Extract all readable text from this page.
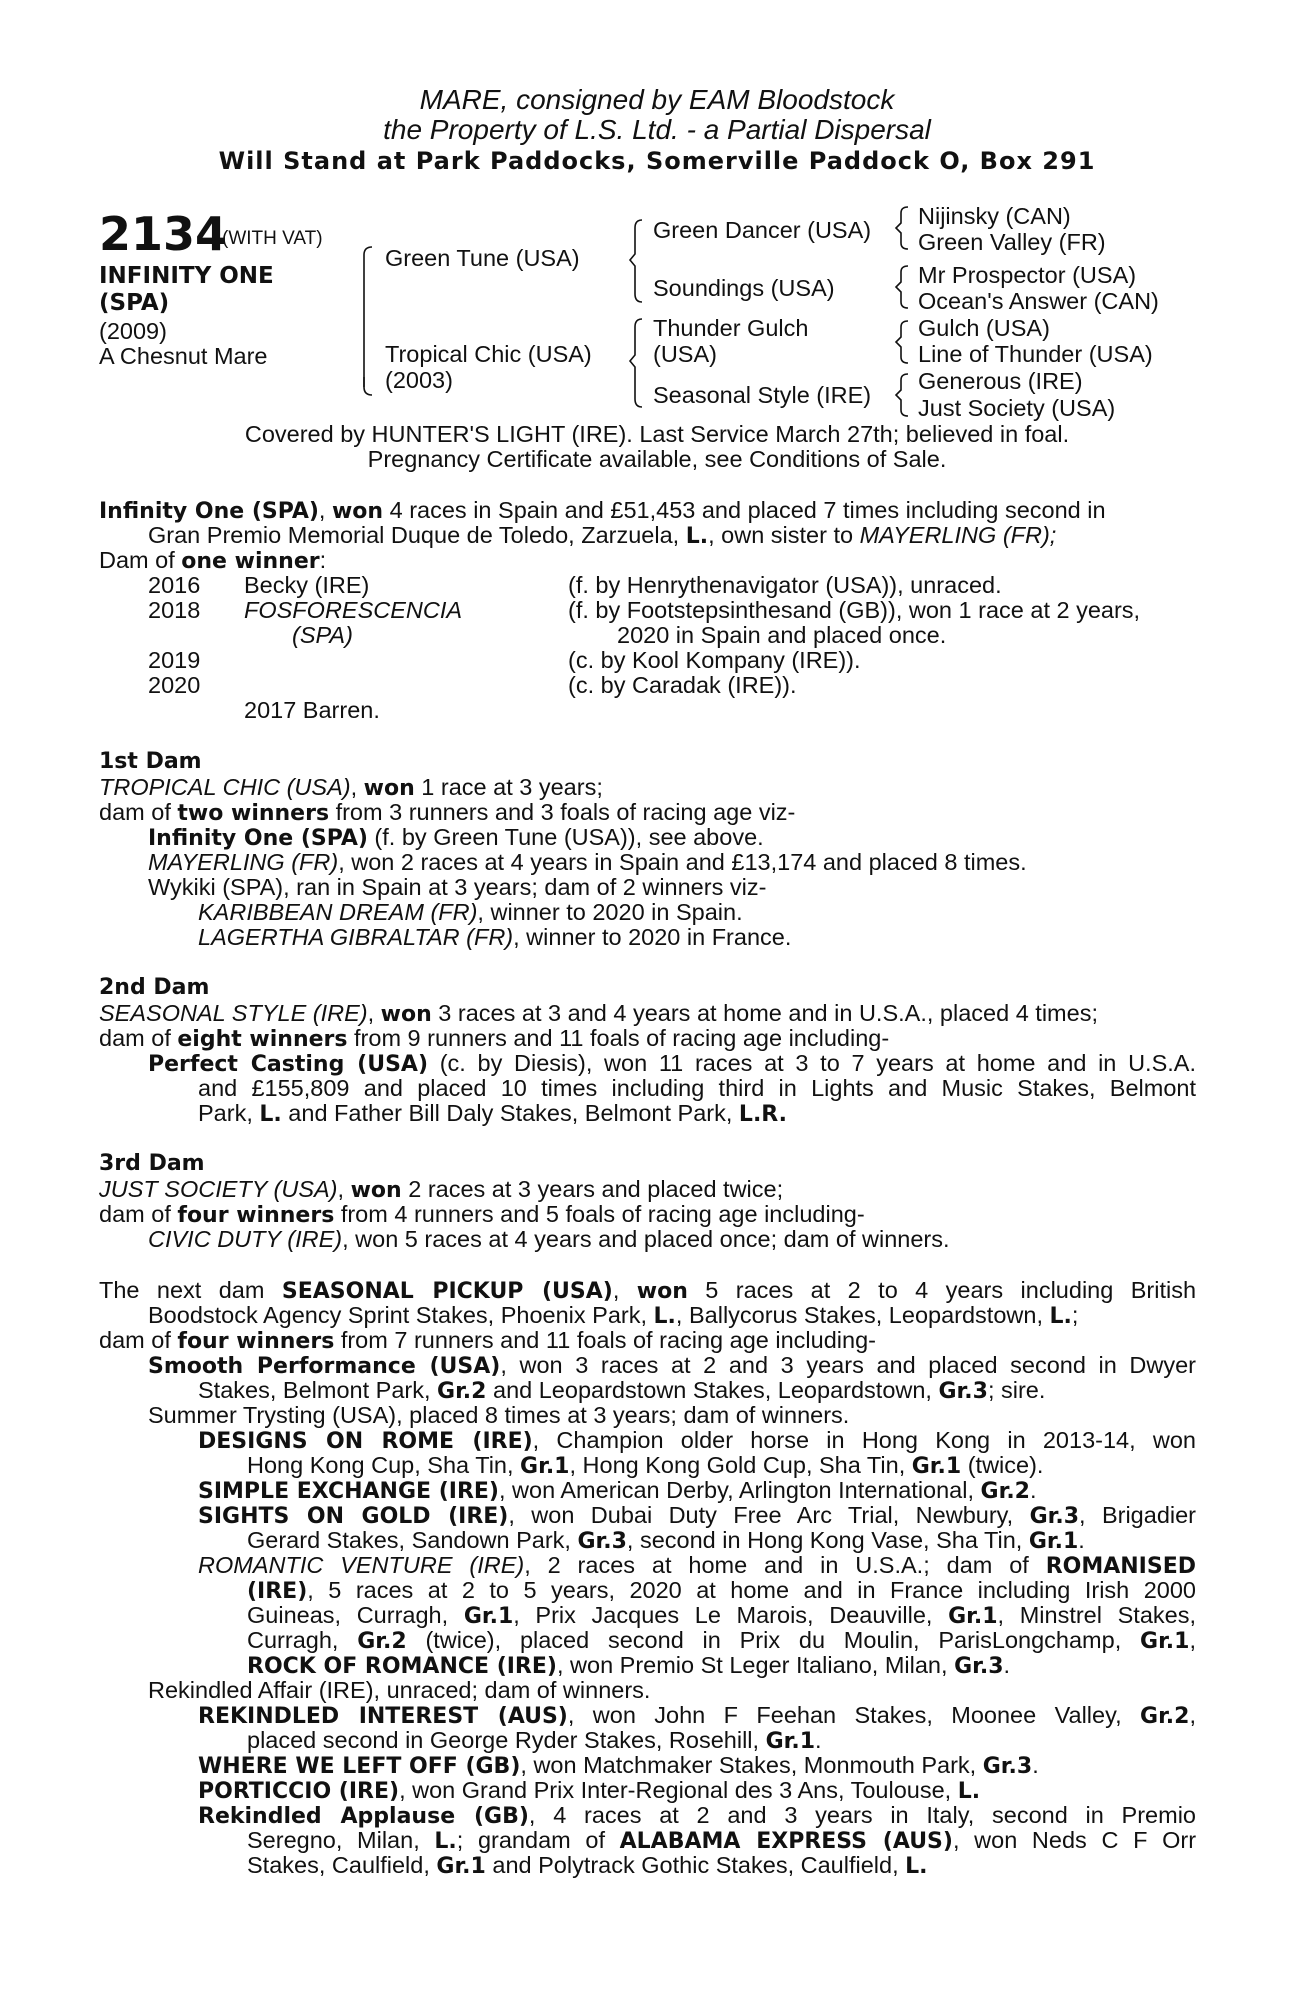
MARE, consigned by EAM Bloodstock
the Property of L.S. Ltd. - a Partial Dispersal
Will Stand at Park Paddocks, Somerville Paddock O, Box 291
2134
(WITH VAT)
INFINITY ONE
(SPA)
(2009)
A Chesnut Mare
Green Tune (USA)
Tropical Chic (USA)
(2003)
Green Dancer (USA)
Soundings (USA)
Thunder Gulch
(USA)
Seasonal Style (IRE)
Nijinsky (CAN)
Green Valley (FR)
Mr Prospector (USA)
Ocean's Answer (CAN)
Gulch (USA)
Line of Thunder (USA)
Generous (IRE)
Just Society (USA)
Covered by HUNTER'S LIGHT (IRE). Last Service March 27th; believed in foal.
Pregnancy Certificate available, see Conditions of Sale.
Infinity One (SPA), won 4 races in Spain and £51,453 and placed 7 times including second in
Gran Premio Memorial Duque de Toledo, Zarzuela, L., own sister to MAYERLING (FR);
Dam of one winner:
2016 Becky (IRE)	(f. by Henrythenavigator (USA)), unraced.
2018 FOSFORESCENCIA	(f. by Footstepsinthesand (GB)), won 1 race at 2 years,
(SPA)	2020 in Spain and placed once.
2019	(c. by Kool Kompany (IRE)).
2020	(c. by Caradak (IRE)).
2017 Barren.
1st Dam
TROPICAL CHIC (USA), won 1 race at 3 years;
dam of two winners from 3 runners and 3 foals of racing age viz-
Infinity One (SPA) (f. by Green Tune (USA)), see above.
MAYERLING (FR), won 2 races at 4 years in Spain and £13,174 and placed 8 times.
Wykiki (SPA), ran in Spain at 3 years; dam of 2 winners viz-
KARIBBEAN DREAM (FR), winner to 2020 in Spain.
LAGERTHA GIBRALTAR (FR), winner to 2020 in France.
2nd Dam
SEASONAL STYLE (IRE), won 3 races at 3 and 4 years at home and in U.S.A., placed 4 times;
dam of eight winners from 9 runners and 11 foals of racing age including-
Perfect Casting (USA) (c. by Diesis), won 11 races at 3 to 7 years at home and in U.S.A.
and £155,809 and placed 10 times including third in Lights and Music Stakes, Belmont
Park, L. and Father Bill Daly Stakes, Belmont Park, L.R.
3rd Dam
JUST SOCIETY (USA), won 2 races at 3 years and placed twice;
dam of four winners from 4 runners and 5 foals of racing age including-
CIVIC DUTY (IRE), won 5 races at 4 years and placed once; dam of winners.
The next dam SEASONAL PICKUP (USA), won 5 races at 2 to 4 years including British
Boodstock Agency Sprint Stakes, Phoenix Park, L., Ballycorus Stakes, Leopardstown, L.;
dam of four winners from 7 runners and 11 foals of racing age including-
Smooth Performance (USA), won 3 races at 2 and 3 years and placed second in Dwyer
Stakes, Belmont Park, Gr.2 and Leopardstown Stakes, Leopardstown, Gr.3; sire.
Summer Trysting (USA), placed 8 times at 3 years; dam of winners.
DESIGNS ON ROME (IRE), Champion older horse in Hong Kong in 2013-14, won
Hong Kong Cup, Sha Tin, Gr.1, Hong Kong Gold Cup, Sha Tin, Gr.1 (twice).
SIMPLE EXCHANGE (IRE), won American Derby, Arlington International, Gr.2.
SIGHTS ON GOLD (IRE), won Dubai Duty Free Arc Trial, Newbury, Gr.3, Brigadier
Gerard Stakes, Sandown Park, Gr.3, second in Hong Kong Vase, Sha Tin, Gr.1.
ROMANTIC VENTURE (IRE), 2 races at home and in U.S.A.; dam of ROMANISED
(IRE), 5 races at 2 to 5 years, 2020 at home and in France including Irish 2000
Guineas, Curragh, Gr.1, Prix Jacques Le Marois, Deauville, Gr.1, Minstrel Stakes,
Curragh, Gr.2 (twice), placed second in Prix du Moulin, ParisLongchamp, Gr.1,
ROCK OF ROMANCE (IRE), won Premio St Leger Italiano, Milan, Gr.3.
Rekindled Affair (IRE), unraced; dam of winners.
REKINDLED INTEREST (AUS), won John F Feehan Stakes, Moonee Valley, Gr.2,
placed second in George Ryder Stakes, Rosehill, Gr.1.
WHERE WE LEFT OFF (GB), won Matchmaker Stakes, Monmouth Park, Gr.3.
PORTICCIO (IRE), won Grand Prix Inter-Regional des 3 Ans, Toulouse, L.
Rekindled Applause (GB), 4 races at 2 and 3 years in Italy, second in Premio
Seregno, Milan, L.; grandam of ALABAMA EXPRESS (AUS), won Neds C F Orr
Stakes, Caulfield, Gr.1 and Polytrack Gothic Stakes, Caulfield, L.
